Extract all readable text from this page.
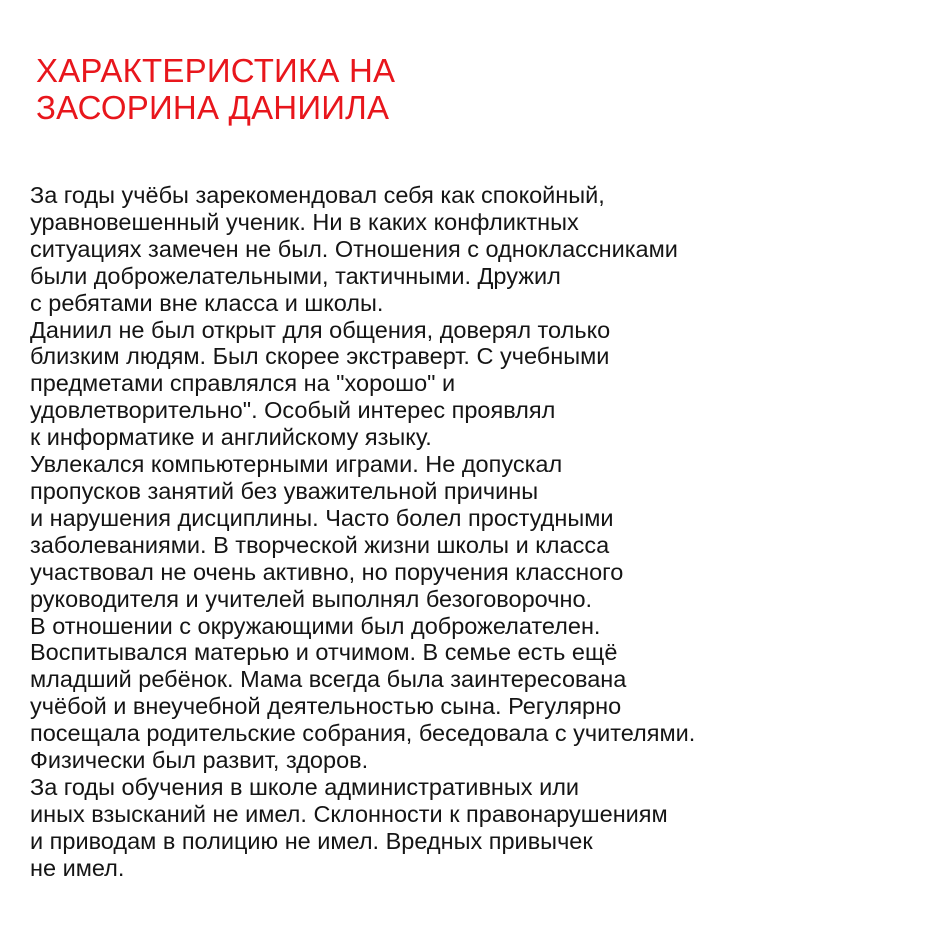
ХАРАКТЕРИСТИКА НА
ЗАСОРИНА ДАНИИЛА
За годы учёбы зарекомендовал себя как спокойный,
уравновешенный ученик. Ни в каких конфликтных
ситуациях замечен не был. Отношения с одноклассниками
были доброжелательными, тактичными. Дружил
с ребятами вне класса и школы.
Даниил не был открыт для общения, доверял только
близким людям. Был скорее экстраверт. С учебными
предметами справлялся на "хорошо" и
удовлетворительно". Особый интерес проявлял
к информатике и английскому языку.
Увлекался компьютерными играми. Не допускал
пропусков занятий без уважительной причины
и нарушения дисциплины. Часто болел простудными
заболеваниями. В творческой жизни школы и класса
участвовал не очень активно, но поручения классного
руководителя и учителей выполнял безоговорочно.
В отношении с окружающими был доброжелателен.
Воспитывался матерью и отчимом. В семье есть ещё
младший ребёнок. Мама всегда была заинтересована
учёбой и внеучебной деятельностью сына. Регулярно
посещала родительские собрания, беседовала с учителями.
Физически был развит, здоров.
За годы обучения в школе административных или
иных взысканий не имел. Склонности к правонарушениям
и приводам в полицию не имел. Вредных привычек
не имел.
